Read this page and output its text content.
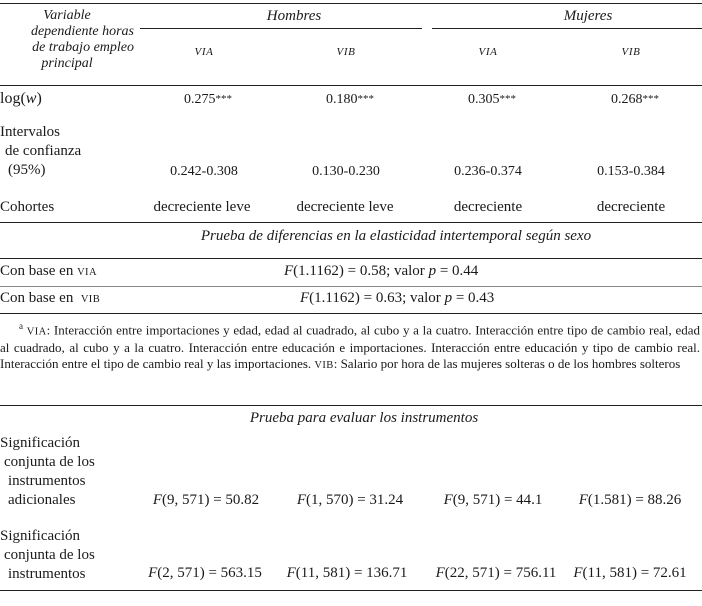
Variable
dependiente horas
de trabajo empleo
principal
Hombres	Mujeres
VIA	VIB	VIA	VIB
log(w)	0.275***	0.180***	0.305***	0.268***
Intervalos
de confianza
(95%)	0.242-0.308	0.130-0.230	0.236-0.374	0.153-0.384
Cohortes	decreciente leve	decreciente leve	decreciente	decreciente
Prueba de diferencias en la elasticidad intertemporal según sexo
Con base en VIA	F(1.1162) = 0.58; valor p = 0.44
Con base en  VIB	F(1.1162) = 0.63; valor p = 0.43
$^a$ VIA: Interacción entre importaciones y edad, edad al cuadrado, al cubo y a la cuatro. Interacción entre tipo de cambio real, edad al cuadrado, al cubo y a la cuatro. Interacción entre educación e importaciones. Interacción entre educación y tipo de cambio real. Interacción entre el tipo de cambio real y las importaciones. VIB: Salario por hora de las mujeres solteras o de los hombres solteros
Prueba para evaluar los instrumentos
Significación
conjunta de los
instrumentos
adicionales	F(9, 571) = 50.82	F(1, 570) = 31.24	F(9, 571) = 44.1 F(1.581) = 88.26
Significación
conjunta de los
instrumentos	F(2, 571) = 563.15 F(11, 581) = 136.71 F(22, 571) = 756.11 F(11, 581) = 72.61
